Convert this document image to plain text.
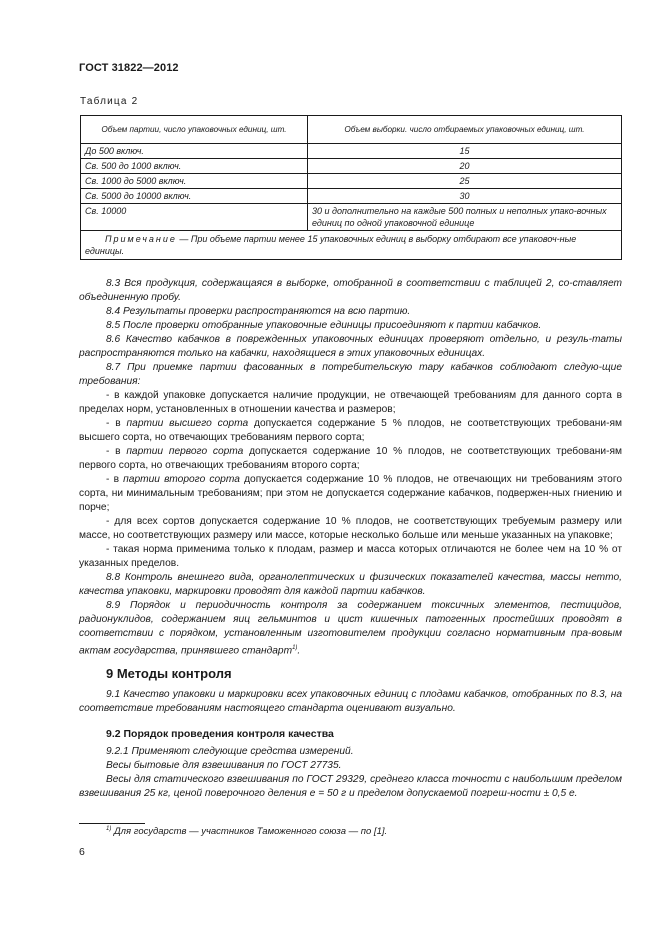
ГОСТ 31822—2012
Таблица 2
Объем партии, число упаковочных единиц, шт.	Объем выборки. число отбираемых упаковочных единиц, шт.
До 500 включ.	15
Св. 500 до 1000 включ.	20
Св. 1000 до 5000 включ.	25
Св. 5000 до 10000 включ.	30
Св. 10000	30 и дополнительно на каждые 500 полных и неполных упако-вочных единиц по одной упаковочной единице
Примечание — При объеме партии менее 15 упаковочных единиц в выборку отбирают все упаковоч-ные единицы.	

8.3 Вся продукция, содержащаяся в выборке, отобранной в соответствии с таблицей 2, со-ставляет объединенную пробу.

8.4 Результаты проверки распространяются на всю партию.

8.5 После проверки отобранные упаковочные единицы присоединяют к партии кабачков.

8.6 Качество кабачков в поврежденных упаковочных единицах проверяют отдельно, и резуль-таты распространяются только на кабачки, находящиеся в этих упаковочных единицах.

8.7 При приемке партии фасованных в потребительскую тару кабачков соблюдают следую-щие требования:

- в каждой упаковке допускается наличие продукции, не отвечающей требованиям для данного сорта в пределах норм, установленных в отношении качества и размеров;

- в партии высшего сорта допускается содержание 5 % плодов, не соответствующих требовани-ям высшего сорта, но отвечающих требованиям первого сорта;

- в партии первого сорта допускается содержание 10 % плодов, не соответствующих требовани-ям первого сорта, но отвечающих требованиям второго сорта;

- в партии второго сорта допускается содержание 10 % плодов, не отвечающих ни требованиям этого сорта, ни минимальным требованиям; при этом не допускается содержание кабачков, подвержен-ных гниению и порче;

- для всех сортов допускается содержание 10 % плодов, не соответствующих требуемым размеру или массе, но соответствующих размеру или массе, которые несколько больше или меньше указанных на упаковке;

- такая норма применима только к плодам, размер и масса которых отличаются не более чем на 10 % от указанных пределов.

8.8 Контроль внешнего вида, органолептических и физических показателей качества, массы нетто, качества упаковки, маркировки проводят для каждой партии кабачков.

8.9 Порядок и периодичность контроля за содержанием токсичных элементов, пестицидов, радионуклидов, содержанием яиц гельминтов и цист кишечных патогенных простейших проводят в соответствии с порядком, установленным изготовителем продукции согласно нормативным пра-вовым актам государства, принявшего стандарт$^{1)}$.

9 Методы контроля

9.1 Качество упаковки и маркировки всех упаковочных единиц с плодами кабачков, отобранных по 8.3, на соответствие требованиям настоящего стандарта оценивают визуально.

9.2 Порядок проведения контроля качества

9.2.1 Применяют следующие средства измерений.

Весы бытовые для взвешивания по ГОСТ 27735.

Весы для статического взвешивания по ГОСТ 29329, среднего класса точности с наибольшим пределом взвешивания 25 кг, ценой поверочного деления е = 50 г и пределом допускаемой погреш-ности ± 0,5 е.

$^{1)}$ Для государств — участников Таможенного союза — по [1].
6
